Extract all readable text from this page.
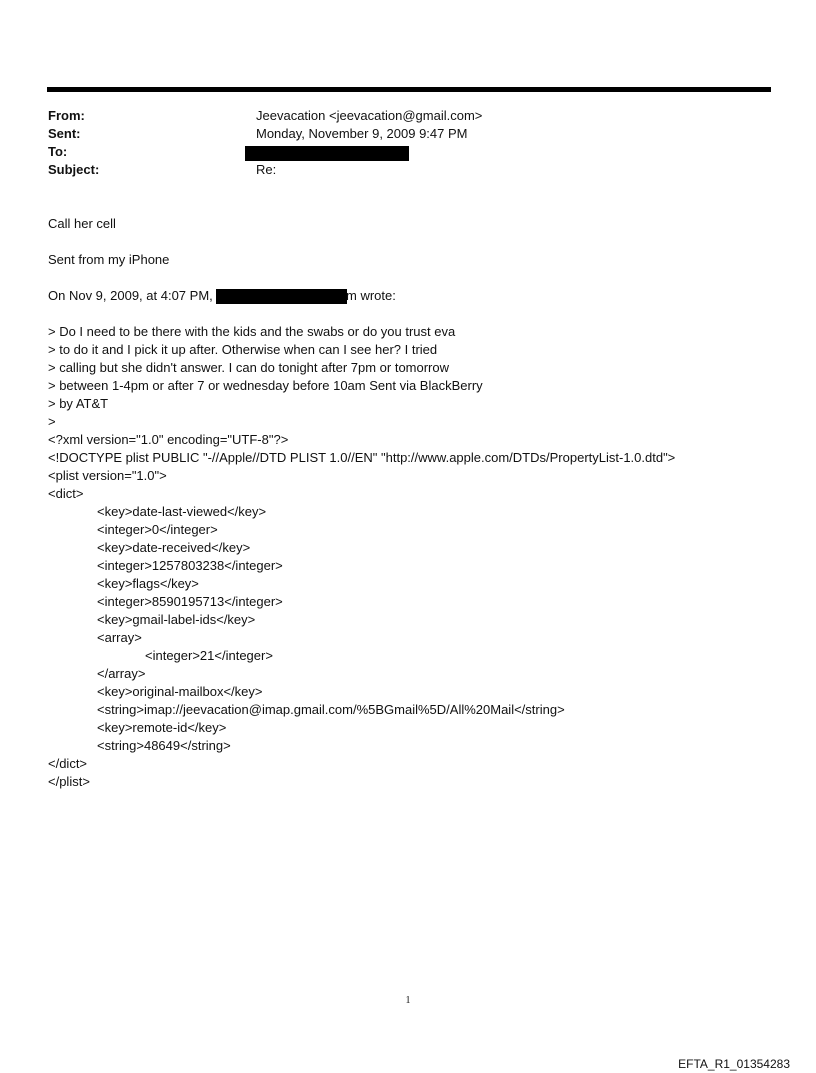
From:	Jeevacation <jeevacation@gmail.com>
Sent:	Monday, November 9, 2009 9:47 PM
To:
Subject:	Re:
Call her cell
Sent from my iPhone
On Nov 9, 2009, at 4:07 PM,	m wrote:
> Do I need to be there with the kids and the swabs or do you trust eva
> to do it and I pick it up after. Otherwise when can I see her? I tried
> calling but she didn't answer. I can do tonight after 7pm or tomorrow
> between 1-4pm or after 7 or wednesday before 10am Sent via BlackBerry
> by AT&T
>
<?xml version="1.0" encoding="UTF-8"?>
<!DOCTYPE plist PUBLIC "-//Apple//DTD PLIST 1.0//EN" "http://www.apple.com/DTDs/PropertyList-1.0.dtd">
<plist version="1.0">
<dict>
<key>date-last-viewed</key>
<integer>0</integer>
<key>date-received</key>
<integer>1257803238</integer>
<key>flags</key>
<integer>8590195713</integer>
<key>gmail-label-ids</key>
<array>
<integer>21</integer>
</array>
<key>original-mailbox</key>
<string>imap://jeevacation@imap.gmail.com/%5BGmail%5D/All%20Mail</string>
<key>remote-id</key>
<string>48649</string>
</dict>
</plist>
1
EFTA_R1_01354283
